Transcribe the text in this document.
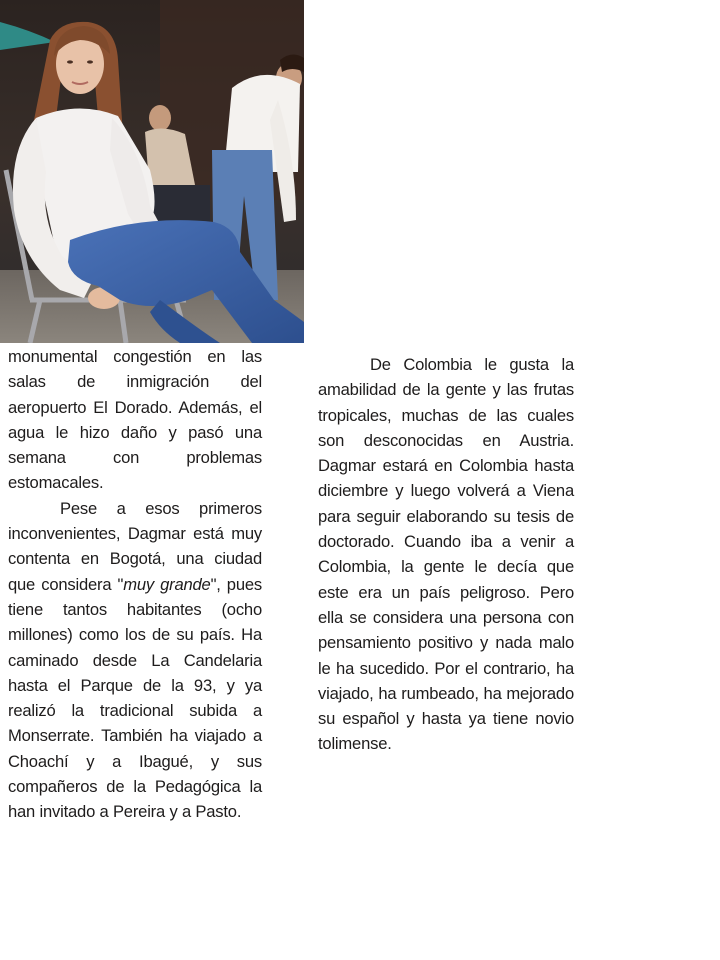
monumental congestión en las salas de inmigración del aeropuerto El Dorado. Además, el agua le hizo daño y pasó una semana con problemas estomacales.

Pese a esos primeros inconvenientes, Dagmar está muy contenta en Bogotá, una ciudad que considera "muy grande", pues tiene tantos habitantes (ocho millones) como los de su país. Ha caminado desde La Candelaria hasta el Parque de la 93, y ya realizó la tradicional subida a Monserrate. También ha viajado a Choachí y a Ibagué, y sus compañeros de la Pedagógica la han invitado a Pereira y a Pasto.

De Colombia le gusta la amabilidad de la gente y las frutas tropicales, muchas de las cuales son desconocidas en Austria. Dagmar estará en Colombia hasta diciembre y luego volverá a Viena para seguir elaborando su tesis de doctorado. Cuando iba a venir a Colombia, la gente le decía que este era un país peligroso. Pero ella se considera una persona con pensamiento positivo y nada malo le ha sucedido. Por el contrario, ha viajado, ha rumbeado, ha mejorado su español y hasta ya tiene novio tolimense.
